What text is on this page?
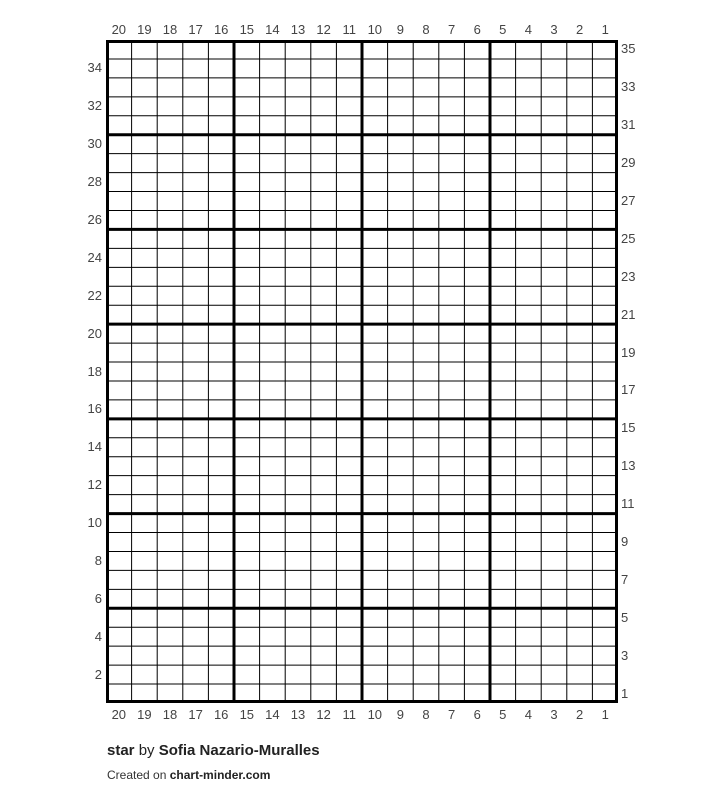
20 19 18 17 16 15 14 13 12 11 10	9	8	7	6	5	4	3	2	1
20 19 18 17 16 15 14 13 12 11 10	9	8	7	6	5	4	3	2	1
34
32
30
28
26
24
22
20
18
16
14
12
10
8
6
4
2
35
33
31
29
27
25
23
21
19
17
15
13
11
9
7
5
3
1
star by Sofia Nazario-Muralles
Created on chart-minder.com
